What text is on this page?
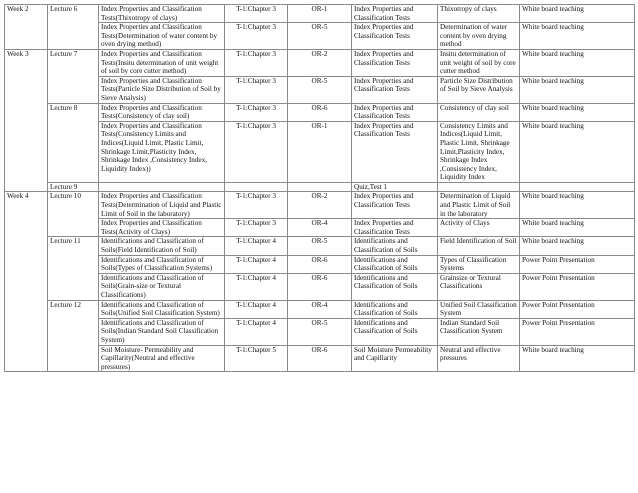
Week 2	Lecture 6	Index Properties and Classification Tests(Thixotropy of clays)	T-1:Chapter 3	OR-1	Index Properties and Classification Tests	Thixotropy of clays	White board teaching
		Index Properties and Classification Tests(Determination of water content by oven drying method)	T-1:Chapter 3	OR-5	Index Properties and Classification Tests	Determination of water content by oven drying method	White board teaching
Week 3	Lecture 7	Index Properties and Classification Tests(Insitu determination of unit weight of soil by core cutter method)	T-1:Chapter 3	OR-2	Index Properties and Classification Tests	Insitu determination of unit weight of soil by core cutter method	White board teaching
		Index Properties and Classification Tests(Particle Size Distribution of Soil by Sieve Analysis)	T-1:Chapter 3	OR-5	Index Properties and Classification Tests	Particle Size Distribution of Soil by Sieve Analysis	White board teaching
	Lecture 8	Index Properties and Classification Tests(Consistency of clay soil)	T-1:Chapter 3	OR-6	Index Properties and Classification Tests	Consistency of clay soil	White board teaching
		Index Properties and Classification Tests(Consistency Limits and Indices(Liquid Limit, Plastic Limit, Shrinkage Limit,Plasticity Index, Shrinkage Index ,Consistency Index, Liquidity Index))	T-1:Chapter 3	OR-1	Index Properties and Classification Tests	Consistency Limits and Indices(Liquid Limit, Plastic Limit, Shrinkage Limit,Plasticity Index, Shrinkage Index ,Consistency Index, Liquidity Index	White board teaching
	Lecture 9				Quiz,Test 1		
Week 4	Lecture 10	Index Properties and Classification Tests(Determination of Liquid and Plastic Limit of Soil in the laboratory)	T-1:Chapter 3	OR-2	Index Properties and Classification Tests	Determination of Liquid and Plastic Limit of Soil in the laboratory	White board teaching
		Index Properties and Classification Tests(Activity of Clays)	T-1:Chapter 3	OR-4	Index Properties and Classification Tests	Activity of Clays	White board teaching
	Lecture 11	Identifications and Classification of Soils(Field Identification of Soil)	T-1:Chapter 4	OR-5	Identifications and Classification of Soils	Field Identification of Soil	White board teaching
		Identifications and Classification of Soils(Types of Classification Systems)	T-1:Chapter 4	OR-6	Identifications and Classification of Soils	Types of Classification Systems	Power Point Presentation
		Identifications and Classification of Soils(Grain-size or Textural Classifications)	T-1:Chapter 4	OR-6	Identifications and Classification of Soils	Grainsize or Textural Classifications	Power Point Presentation
	Lecture 12	Identifications and Classification of Soils(Unified Soil Classification System)	T-1:Chapter 4	OR-4	Identifications and Classification of Soils	Unified Soil Classification System	Power Point Presentation
		Identifications and Classification of Soils(Indian Standard Soil Classification System)	T-1:Chapter 4	OR-5	Identifications and Classification of Soils	Indian Standard Soil Classification System	Power Point Presentation
		Soil Moisture- Permeability and Capillarity(Neutral and effective pressures)	T-1:Chapter 5	OR-6	Soil Moisture Permeability and Capillarity	Neutral and effective pressures	White board teaching
